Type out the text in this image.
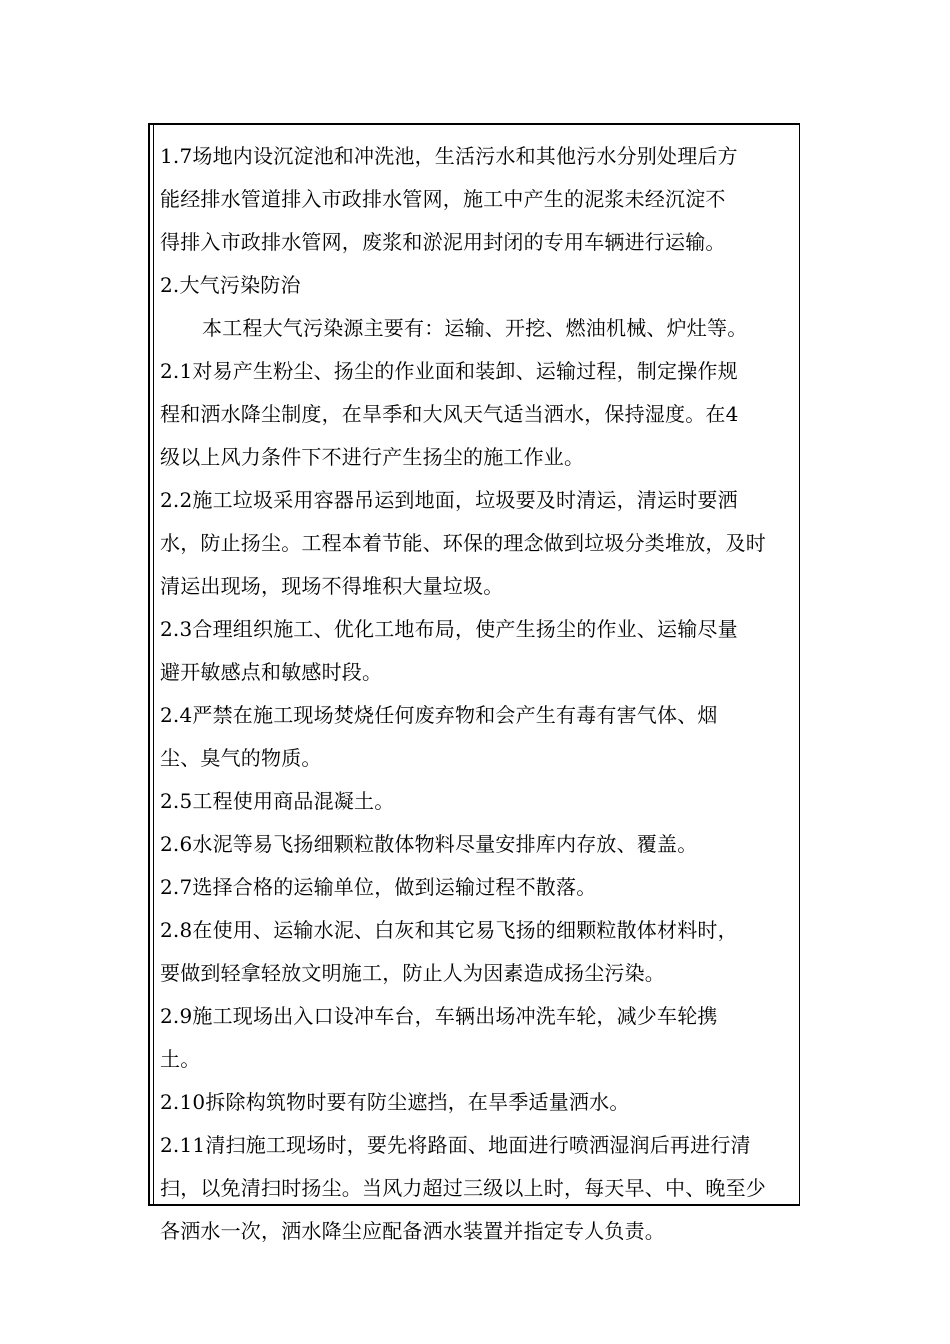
1.7场地内设沉淀池和冲洗池，生活污水和其他污水分别处理后方
能经排水管道排入市政排水管网，施工中产生的泥浆未经沉淀不
得排入市政排水管网，废浆和淤泥用封闭的专用车辆进行运输。
2.大气污染防治
本工程大气污染源主要有：运输、开挖、燃油机械、炉灶等。
2.1对易产生粉尘、扬尘的作业面和装卸、运输过程，制定操作规
程和洒水降尘制度，在旱季和大风天气适当洒水，保持湿度。在4
级以上风力条件下不进行产生扬尘的施工作业。
2.2施工垃圾采用容器吊运到地面，垃圾要及时清运，清运时要洒
水，防止扬尘。工程本着节能、环保的理念做到垃圾分类堆放，及时
清运出现场，现场不得堆积大量垃圾。
2.3合理组织施工、优化工地布局，使产生扬尘的作业、运输尽量
避开敏感点和敏感时段。
2.4严禁在施工现场焚烧任何废弃物和会产生有毒有害气体、烟
尘、臭气的物质。
2.5工程使用商品混凝土。
2.6水泥等易飞扬细颗粒散体物料尽量安排库内存放、覆盖。
2.7选择合格的运输单位，做到运输过程不散落。
2.8在使用、运输水泥、白灰和其它易飞扬的细颗粒散体材料时，
要做到轻拿轻放文明施工，防止人为因素造成扬尘污染。
2.9施工现场出入口设冲车台，车辆出场冲洗车轮，减少车轮携
土。
2.10拆除构筑物时要有防尘遮挡，在旱季适量洒水。
2.11清扫施工现场时，要先将路面、地面进行喷洒湿润后再进行清
扫，以免清扫时扬尘。当风力超过三级以上时，每天早、中、晚至少
各洒水一次，洒水降尘应配备洒水装置并指定专人负责。
